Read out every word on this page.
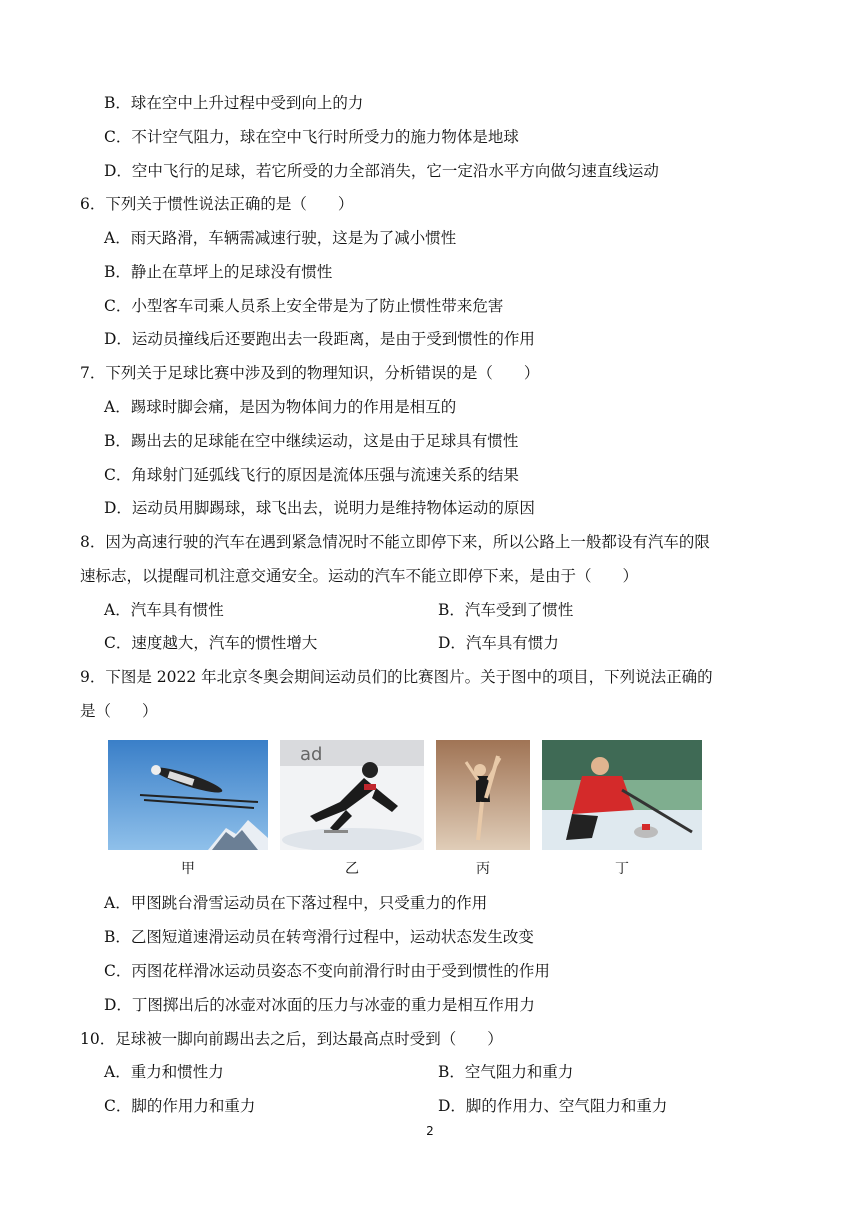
B．球在空中上升过程中受到向上的力
C．不计空气阻力，球在空中飞行时所受力的施力物体是地球
D．空中飞行的足球，若它所受的力全部消失，它一定沿水平方向做匀速直线运动
6．下列关于惯性说法正确的是（　　）
A．雨天路滑，车辆需减速行驶，这是为了减小惯性
B．静止在草坪上的足球没有惯性
C．小型客车司乘人员系上安全带是为了防止惯性带来危害
D．运动员撞线后还要跑出去一段距离，是由于受到惯性的作用
7．下列关于足球比赛中涉及到的物理知识，分析错误的是（　　）
A．踢球时脚会痛，是因为物体间力的作用是相互的
B．踢出去的足球能在空中继续运动，这是由于足球具有惯性
C．角球射门延弧线飞行的原因是流体压强与流速关系的结果
D．运动员用脚踢球，球飞出去，说明力是维持物体运动的原因
8．因为高速行驶的汽车在遇到紧急情况时不能立即停下来，所以公路上一般都设有汽车的限
速标志，以提醒司机注意交通安全。运动的汽车不能立即停下来，是由于（　　）
A．汽车具有惯性	B．汽车受到了惯性
C．速度越大，汽车的惯性增大	D．汽车具有惯力
9．下图是 2022 年北京冬奥会期间运动员们的比赛图片。关于图中的项目，下列说法正确的
是（　　）
ad
甲	乙	丙	丁
A．甲图跳台滑雪运动员在下落过程中，只受重力的作用
B．乙图短道速滑运动员在转弯滑行过程中，运动状态发生改变
C．丙图花样滑冰运动员姿态不变向前滑行时由于受到惯性的作用
D．丁图掷出后的冰壶对冰面的压力与冰壶的重力是相互作用力
10．足球被一脚向前踢出去之后，到达最高点时受到（　　）
A．重力和惯性力	B．空气阻力和重力
C．脚的作用力和重力	D．脚的作用力、空气阻力和重力
2
